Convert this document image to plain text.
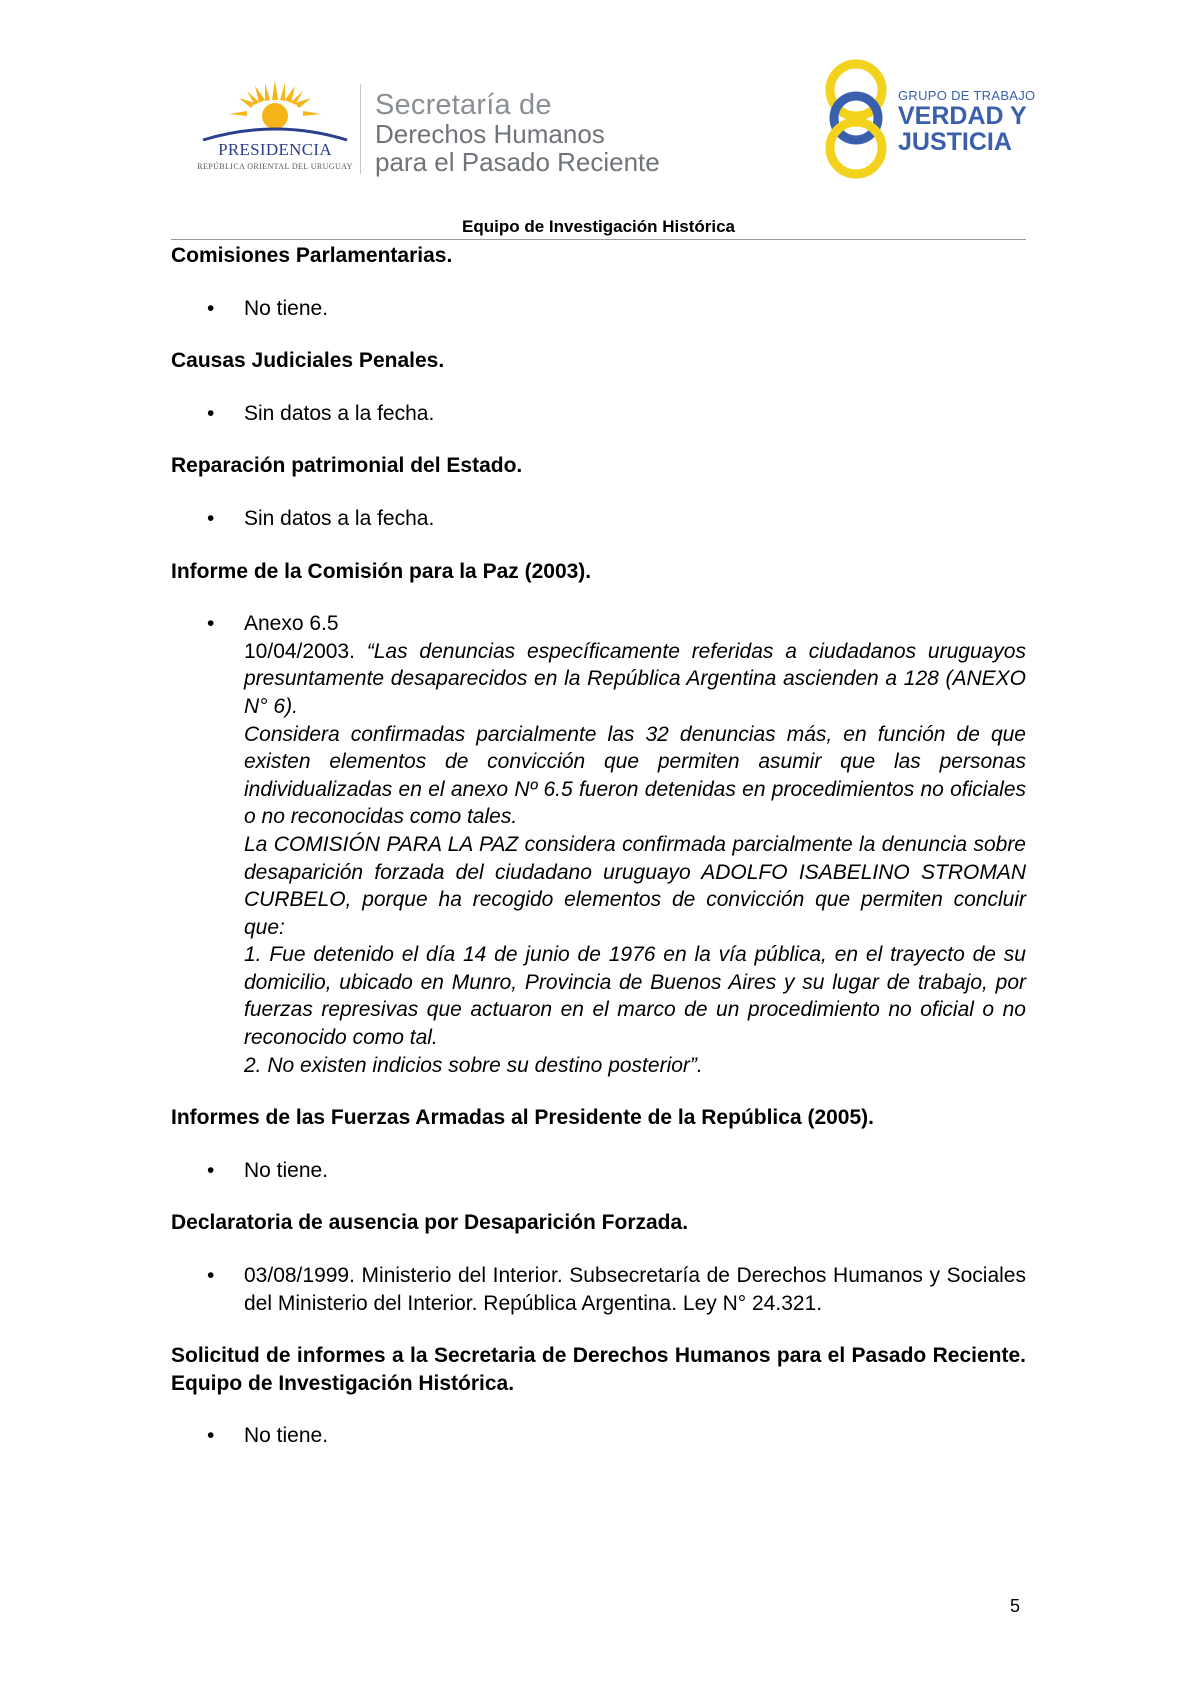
PRESIDENCIA
REPÚBLICA ORIENTAL DEL URUGUAY
Secretaría de
Derechos Humanos
para el Pasado Reciente
GRUPO DE TRABAJO
VERDAD Y
JUSTICIA
Equipo de Investigación Histórica

Comisiones Parlamentarias.

• No tiene.

Causas Judiciales Penales.

• Sin datos a la fecha.

Reparación patrimonial del Estado.

• Sin datos a la fecha.

Informe de la Comisión para la Paz (2003).

• Anexo 6.5
10/04/2003. “Las denuncias específicamente referidas a ciudadanos uruguayos presuntamente desaparecidos en la República Argentina ascienden a 128 (ANEXO N° 6).
Considera confirmadas parcialmente las 32 denuncias más, en función de que existen elementos de convicción que permiten asumir que las personas individualizadas en el anexo Nº 6.5 fueron detenidas en procedimientos no oficiales o no reconocidas como tales.
La COMISIÓN PARA LA PAZ considera confirmada parcialmente la denuncia sobre desaparición forzada del ciudadano uruguayo ADOLFO ISABELINO STROMAN CURBELO, porque ha recogido elementos de convicción que permiten concluir que:
1. Fue detenido el día 14 de junio de 1976 en la vía pública, en el trayecto de su domicilio, ubicado en Munro, Provincia de Buenos Aires y su lugar de trabajo, por fuerzas represivas que actuaron en el marco de un procedimiento no oficial o no reconocido como tal.
2. No existen indicios sobre su destino posterior”.

Informes de las Fuerzas Armadas al Presidente de la República (2005).

• No tiene.

Declaratoria de ausencia por Desaparición Forzada.

• 03/08/1999. Ministerio del Interior. Subsecretaría de Derechos Humanos y Sociales del Ministerio del Interior. República Argentina. Ley N° 24.321.

Solicitud de informes a la Secretaria de Derechos Humanos para el Pasado Reciente. Equipo de Investigación Histórica.

• No tiene.
5
